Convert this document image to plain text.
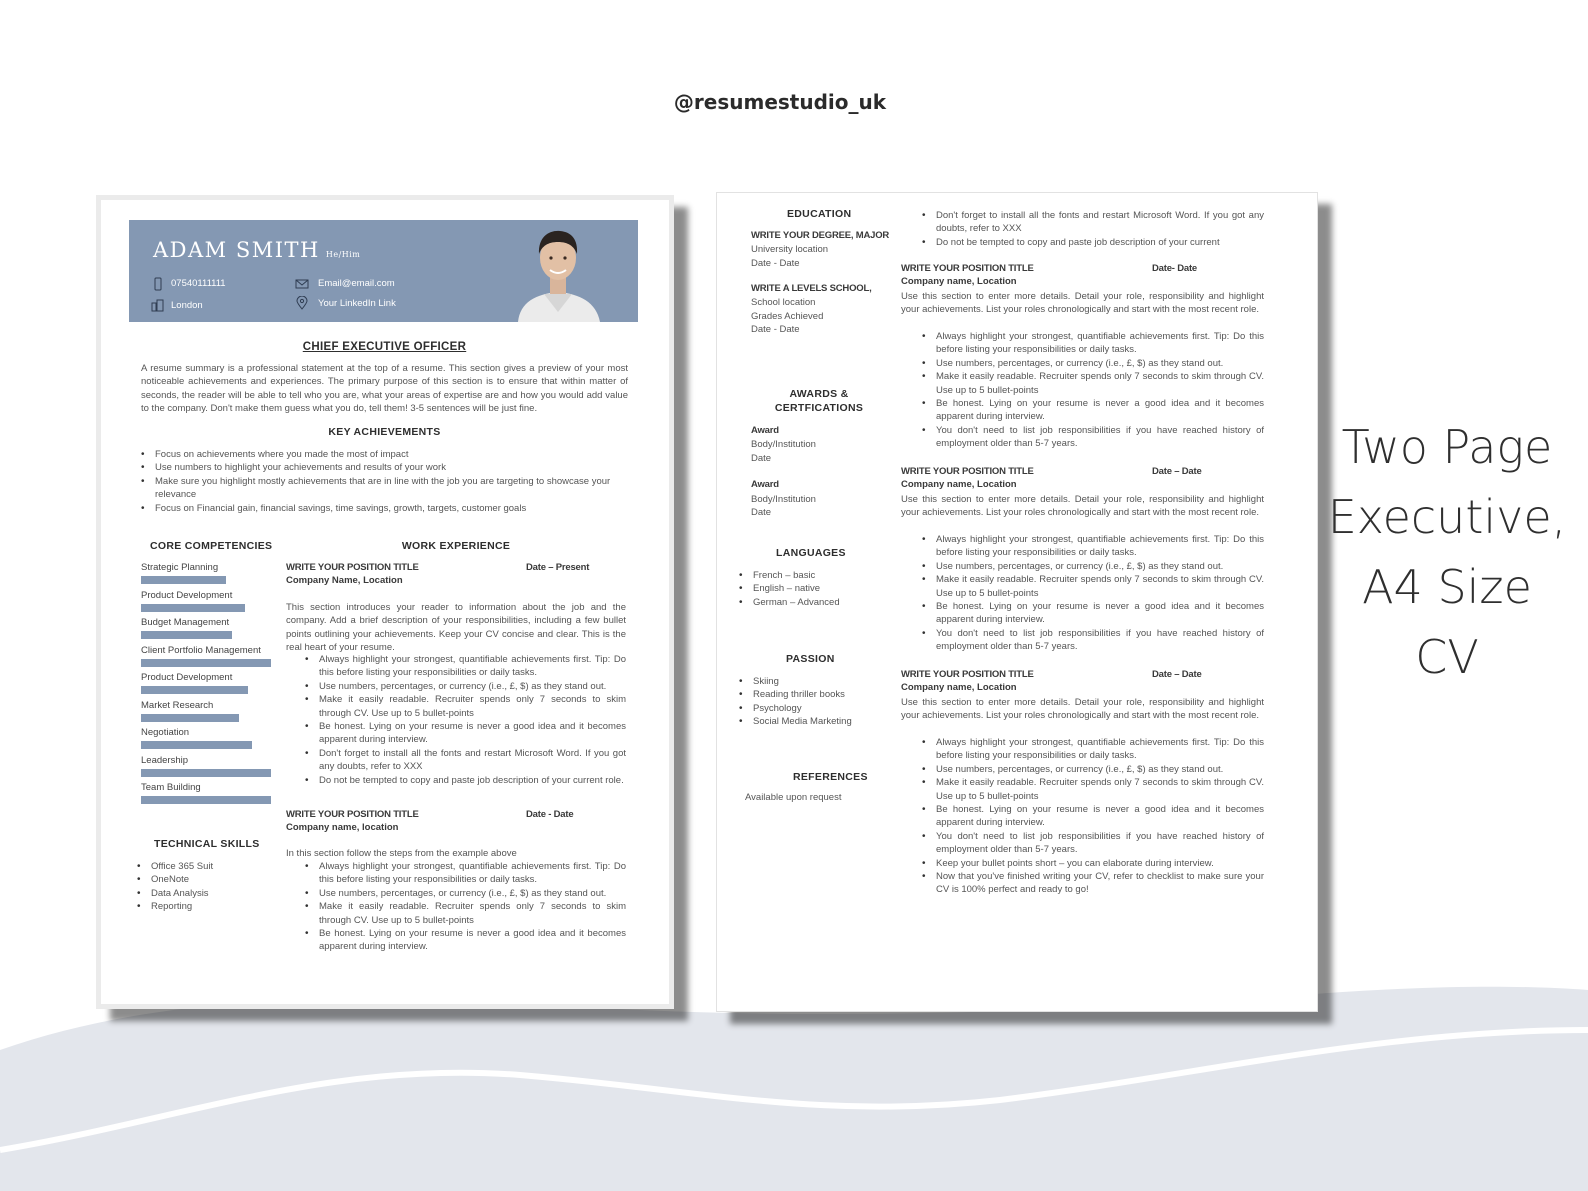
@resumestudio_uk
ADAM SMITH He/Him
07540111111	Email@email.com
London	Your LinkedIn Link
CHIEF EXECUTIVE OFFICER
A resume summary is a professional statement at the top of a resume. This section gives a preview of your most noticeable achievements and experiences. The primary purpose of this section is to ensure that within matter of seconds, the reader will be able to tell who you are, what your areas of expertise are and how you would add value to the company. Don't make them guess what you do, tell them! 3-5 sentences will be just fine.
KEY ACHIEVEMENTS
• Focus on achievements where you made the most of impact
• Use numbers to highlight your achievements and results of your work
• Make sure you highlight mostly achievements that are in line with the job you are targeting to showcase your relevance
• Focus on Financial gain, financial savings, time savings, growth, targets, customer goals
CORE COMPETENCIES
Strategic Planning
Product Development
Budget Management
Client Portfolio Management
Product Development
Market Research
Negotiation
Leadership
Team Building
TECHNICAL SKILLS
• Office 365 Suit
• OneNote
• Data Analysis
• Reporting
WORK EXPERIENCE
WRITE YOUR POSITION TITLE	Date – Present
Company Name, Location
This section introduces your reader to information about the job and the company. Add a brief description of your responsibilities, including a few bullet points outlining your achievements. Keep your CV concise and clear. This is the real heart of your resume.
• Always highlight your strongest, quantifiable achievements first. Tip: Do this before listing your responsibilities or daily tasks.
• Use numbers, percentages, or currency (i.e., £, $) as they stand out.
• Make it easily readable. Recruiter spends only 7 seconds to skim through CV. Use up to 5 bullet-points
• Be honest. Lying on your resume is never a good idea and it becomes apparent during interview.
• Don't forget to install all the fonts and restart Microsoft Word. If you got any doubts, refer to XXX
• Do not be tempted to copy and paste job description of your current role.
WRITE YOUR POSITION TITLE	Date - Date
Company name, location
In this section follow the steps from the example above
• Always highlight your strongest, quantifiable achievements first. Tip: Do this before listing your responsibilities or daily tasks.
• Use numbers, percentages, or currency (i.e., £, $) as they stand out.
• Make it easily readable. Recruiter spends only 7 seconds to skim through CV. Use up to 5 bullet-points
• Be honest. Lying on your resume is never a good idea and it becomes apparent during interview.
EDUCATION
WRITE YOUR DEGREE, MAJOR
University location
Date - Date
WRITE A LEVELS SCHOOL,
School location
Grades Achieved
Date - Date
AWARDS &
CERTFICATIONS
Award
Body/Institution
Date
Award
Body/Institution
Date
LANGUAGES
• French – basic
• English – native
• German – Advanced
PASSION
• Skiing
• Reading thriller books
• Psychology
• Social Media Marketing
REFERENCES
Available upon request
• Don't forget to install all the fonts and restart Microsoft Word. If you got any doubts, refer to XXX
• Do not be tempted to copy and paste job description of your current
WRITE YOUR POSITION TITLE	Date- Date
Company name, Location
Use this section to enter more details. Detail your role, responsibility and highlight your achievements. List your roles chronologically and start with the most recent role.
• Always highlight your strongest, quantifiable achievements first. Tip: Do this before listing your responsibilities or daily tasks.
• Use numbers, percentages, or currency (i.e., £, $) as they stand out.
• Make it easily readable. Recruiter spends only 7 seconds to skim through CV. Use up to 5 bullet-points
• Be honest. Lying on your resume is never a good idea and it becomes apparent during interview.
• You don't need to list job responsibilities if you have reached history of employment older than 5-7 years.
WRITE YOUR POSITION TITLE	Date – Date
Company name, Location
Use this section to enter more details. Detail your role, responsibility and highlight your achievements. List your roles chronologically and start with the most recent role.
• Always highlight your strongest, quantifiable achievements first. Tip: Do this before listing your responsibilities or daily tasks.
• Use numbers, percentages, or currency (i.e., £, $) as they stand out.
• Make it easily readable. Recruiter spends only 7 seconds to skim through CV. Use up to 5 bullet-points
• Be honest. Lying on your resume is never a good idea and it becomes apparent during interview.
• You don't need to list job responsibilities if you have reached history of employment older than 5-7 years.
WRITE YOUR POSITION TITLE	Date – Date
Company name, Location
Use this section to enter more details. Detail your role, responsibility and highlight your achievements. List your roles chronologically and start with the most recent role.
• Always highlight your strongest, quantifiable achievements first. Tip: Do this before listing your responsibilities or daily tasks.
• Use numbers, percentages, or currency (i.e., £, $) as they stand out.
• Make it easily readable. Recruiter spends only 7 seconds to skim through CV. Use up to 5 bullet-points
• Be honest. Lying on your resume is never a good idea and it becomes apparent during interview.
• You don't need to list job responsibilities if you have reached history of employment older than 5-7 years.
• Keep your bullet points short – you can elaborate during interview.
• Now that you've finished writing your CV, refer to checklist to make sure your CV is 100% perfect and ready to go!
Two Page
Executive,
A4 Size
CV
